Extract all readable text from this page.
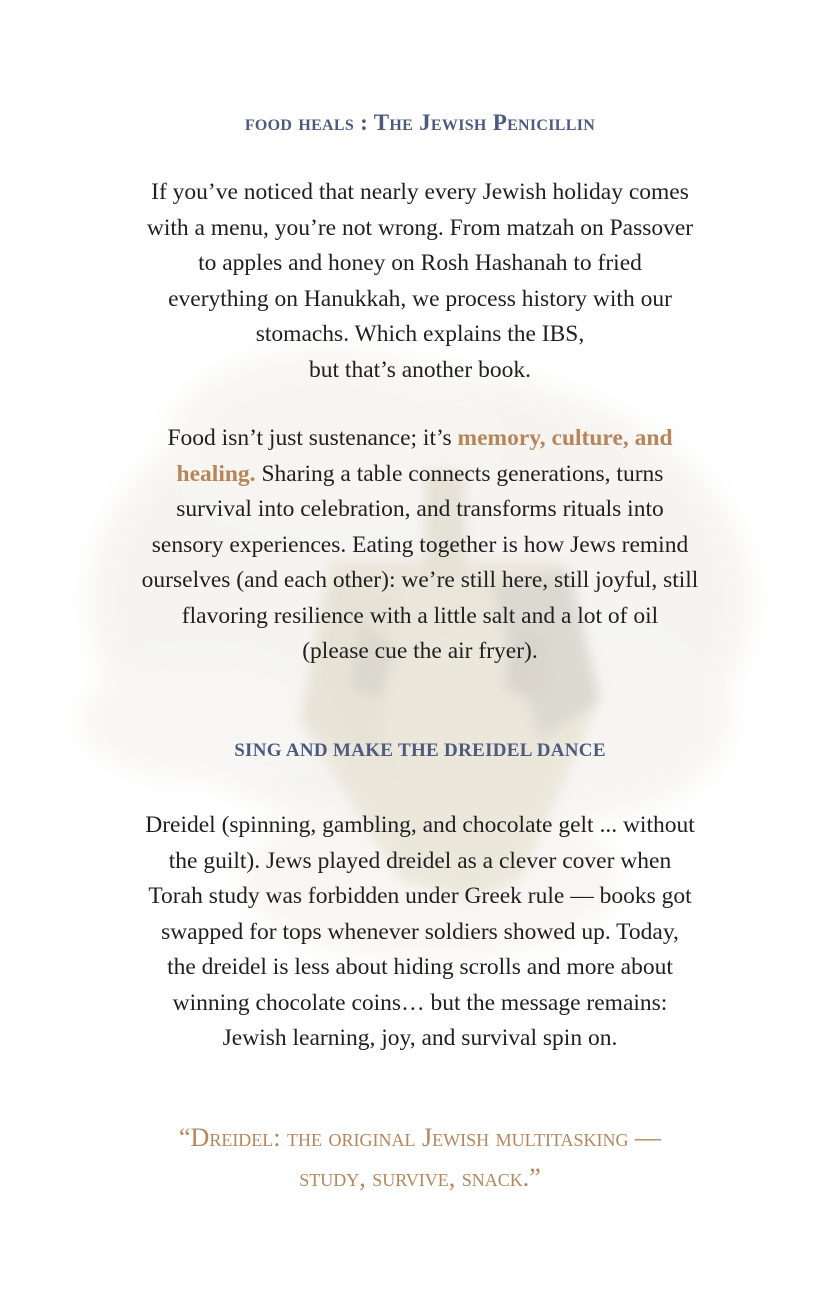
food heals : The Jewish Penicillin
If you’ve noticed that nearly every Jewish holiday comes
with a menu, you’re not wrong. From matzah on Passover
to apples and honey on Rosh Hashanah to fried
everything on Hanukkah, we process history with our
stomachs. Which explains the IBS,
but that’s another book.
Food isn’t just sustenance; it’s memory, culture, and
healing. Sharing a table connects generations, turns
survival into celebration, and transforms rituals into
sensory experiences. Eating together is how Jews remind
ourselves (and each other): we’re still here, still joyful, still
flavoring resilience with a little salt and a lot of oil
(please cue the air fryer).
SING AND MAKE THE DREIDEL DANCE
Dreidel (spinning, gambling, and chocolate gelt ... without
the guilt). Jews played dreidel as a clever cover when
Torah study was forbidden under Greek rule — books got
swapped for tops whenever soldiers showed up. Today,
the dreidel is less about hiding scrolls and more about
winning chocolate coins… but the message remains:
Jewish learning, joy, and survival spin on.
“Dreidel: the original Jewish multitasking —
study, survive, snack.”
